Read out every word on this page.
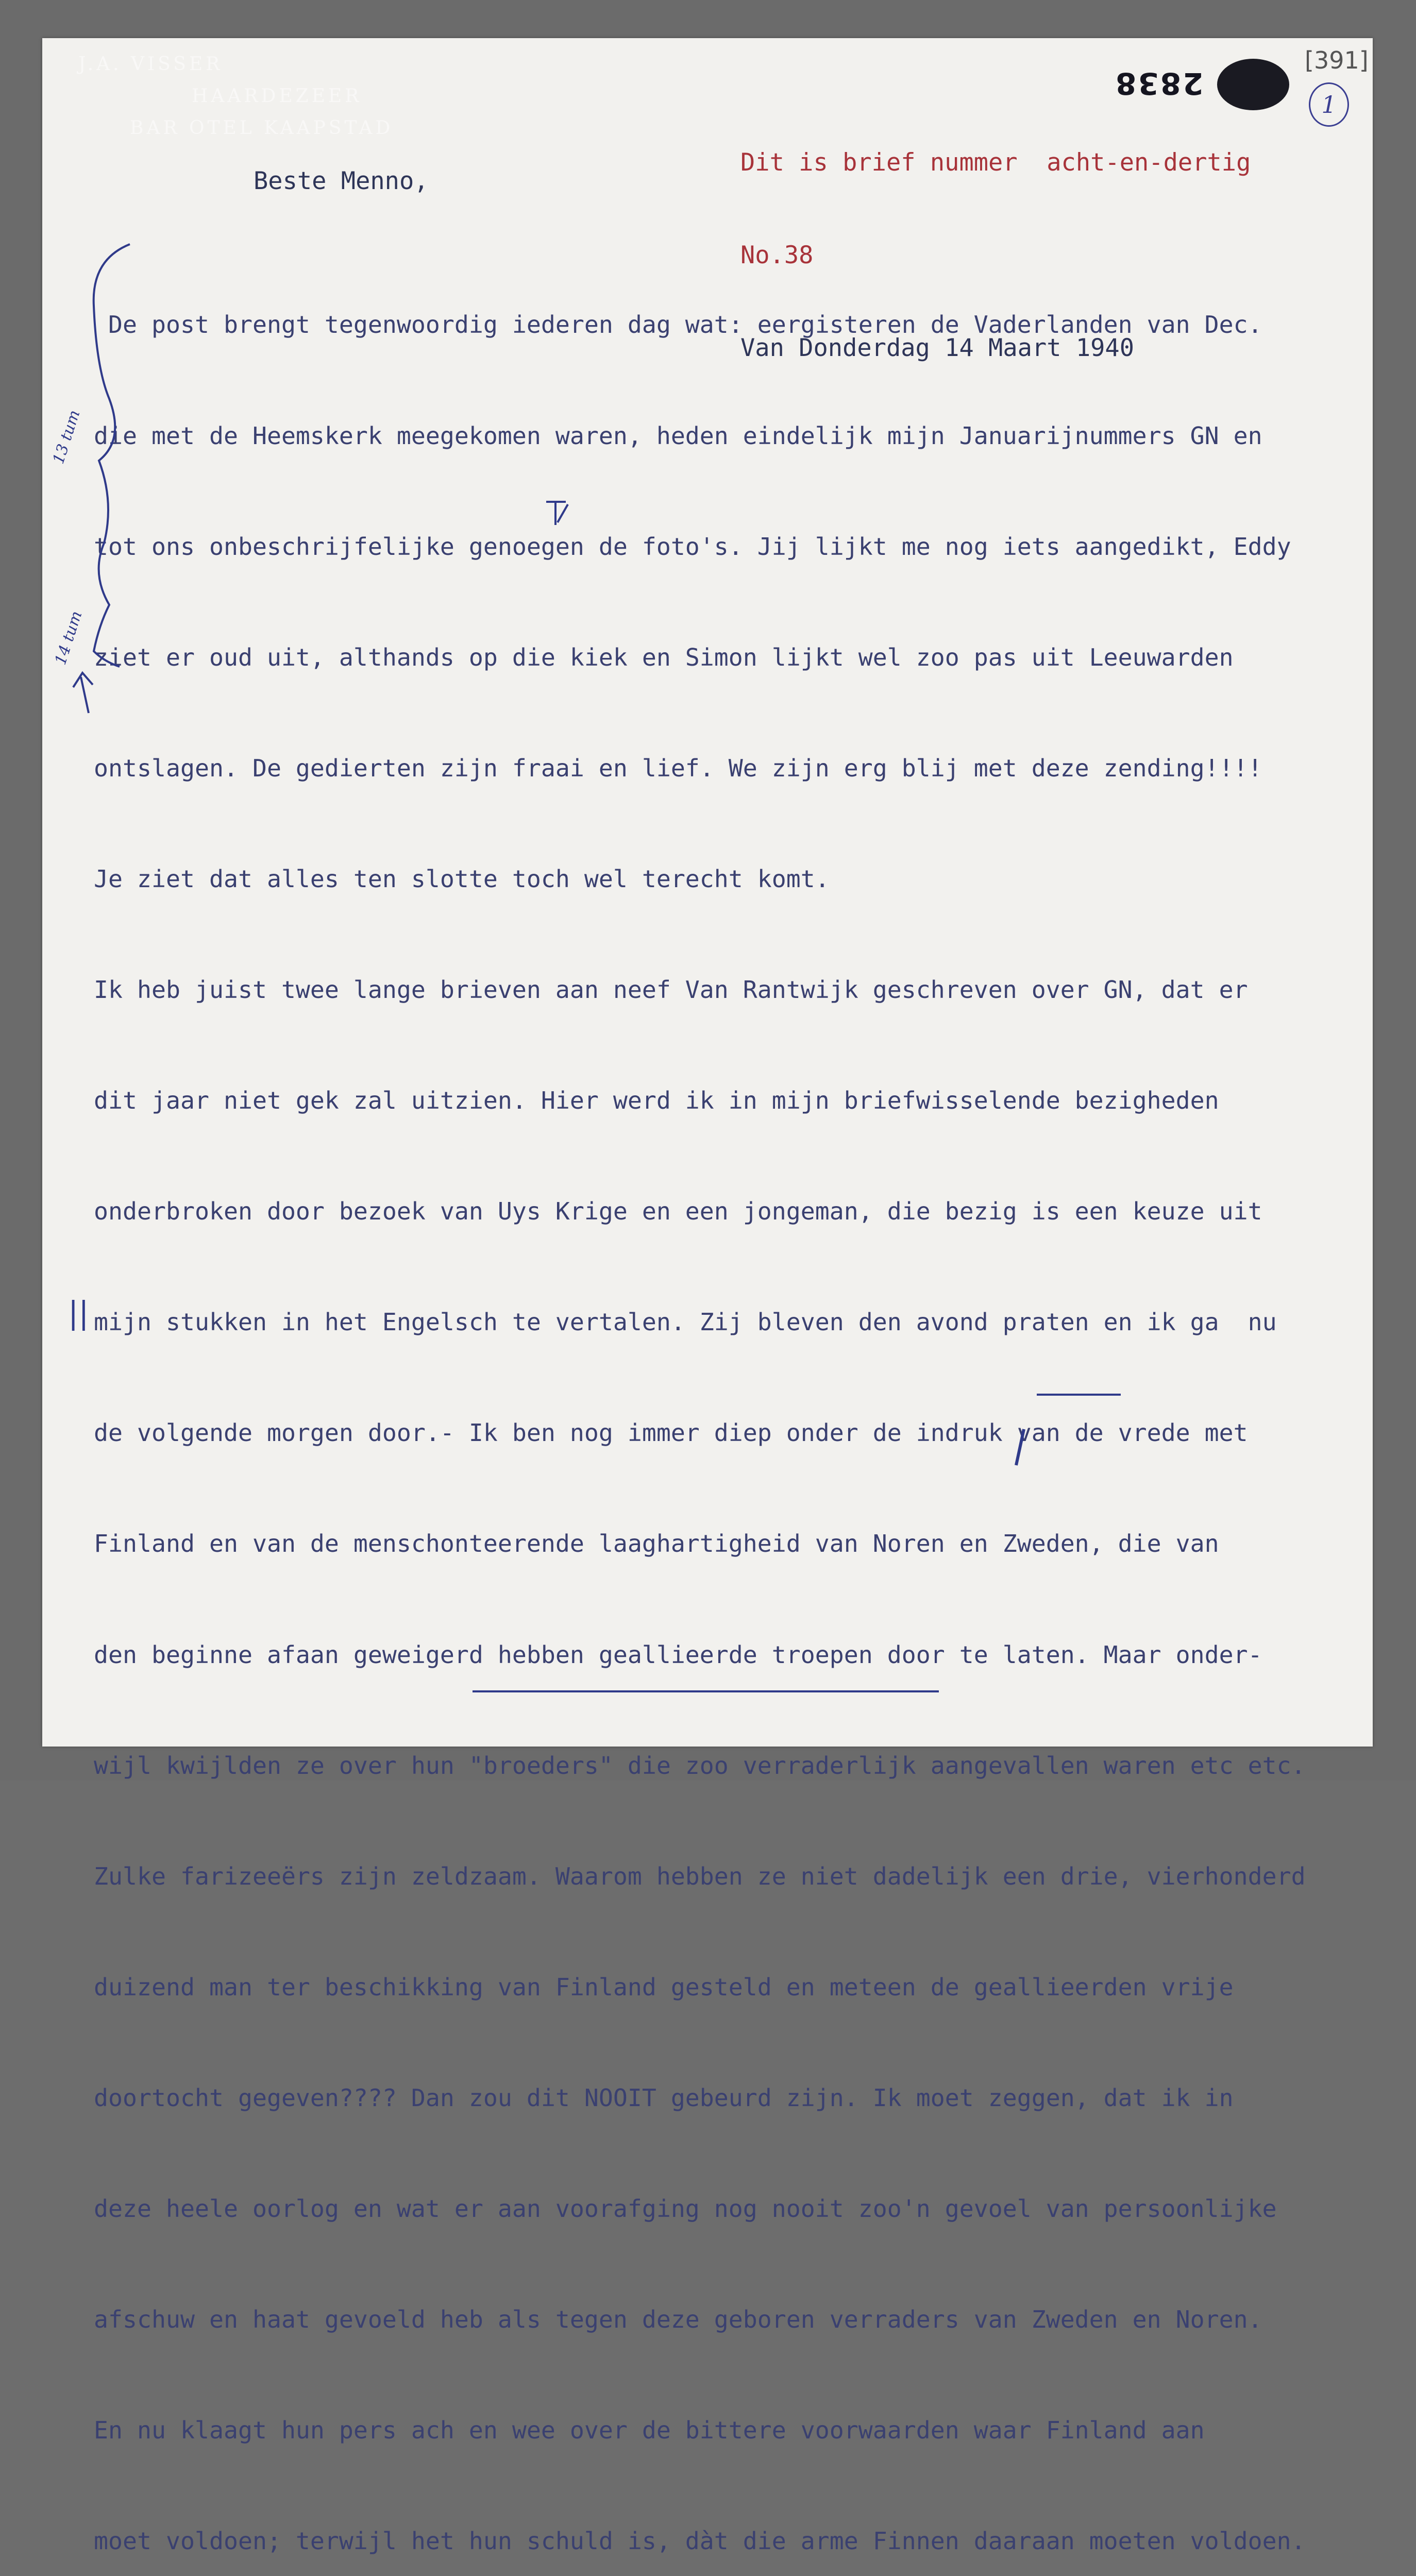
J.A. VISSER
HAARDEZEER
BAR OTEL KAAPSTAD
2838
[391]
1

Dit is brief nummer  acht-en-dertig

No.38

Van Donderdag 14 Maart 1940

Beste Menno,

De post brengt tegenwoordig iederen dag wat: eergisteren de Vaderlanden van Dec.

die met de Heemskerk meegekomen waren, heden eindelijk mijn Januarijnummers GN en

tot ons onbeschrijfelijke genoegen de foto's. Jij lijkt me nog iets aangedikt, Eddy

ziet er oud uit, althands op die kiek en Simon lijkt wel zoo pas uit Leeuwarden

ontslagen. De gedierten zijn fraai en lief. We zijn erg blij met deze zending!!!!

Je ziet dat alles ten slotte toch wel terecht komt.

Ik heb juist twee lange brieven aan neef Van Rantwijk geschreven over GN, dat er

dit jaar niet gek zal uitzien. Hier werd ik in mijn briefwisselende bezigheden

onderbroken door bezoek van Uys Krige en een jongeman, die bezig is een keuze uit

mijn stukken in het Engelsch te vertalen. Zij bleven den avond praten en ik ga  nu

de volgende morgen door.- Ik ben nog immer diep onder de indruk van de vrede met

Finland en van de menschonteerende laaghartigheid van Noren en Zweden, die van

den beginne afaan geweigerd hebben geallieerde troepen door te laten. Maar onder-

wijl kwijlden ze over hun "broeders" die zoo verraderlijk aangevallen waren etc etc.

Zulke farizeeërs zijn zeldzaam. Waarom hebben ze niet dadelijk een drie, vierhonderd

duizend man ter beschikking van Finland gesteld en meteen de geallieerden vrije

doortocht gegeven???? Dan zou dit NOOIT gebeurd zijn. Ik moet zeggen, dat ik in

deze heele oorlog en wat er aan voorafging nog nooit zoo'n gevoel van persoonlijke

afschuw en haat gevoeld heb als tegen deze geboren verraders van Zweden en Noren.

En nu klaagt hun pers ach en wee over de bittere voorwaarden waar Finland aan

moet voldoen; terwijl het hun schuld is, dàt die arme Finnen daaraan moeten voldoen.

13 tum
14 tum
||
